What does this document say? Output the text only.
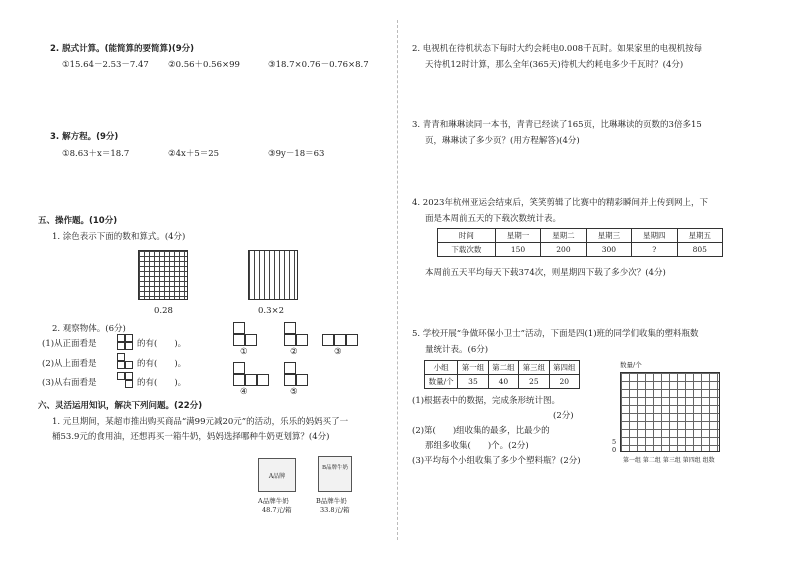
2. 脱式计算。(能简算的要简算)(9分)
①15.64－2.53－7.47 ②0.56＋0.56×99	③18.7×0.76－0.76×8.7
3. 解方程。(9分)
①8.63＋x＝18.7	②4x＋5＝25	③9y－18＝63
五、操作题。(10分)
1. 涂色表示下面的数和算式。(4分)
0.28	0.3×2
2. 观察物体。(6分)
(1)从正面看是	的有(　　)。
(2)从上面看是	的有(　　)。
(3)从右面看是	的有(　　)。
①	②	③
④	⑤
六、灵活运用知识，解决下列问题。(22分)
1. 元旦期间，某超市推出购买商品“满99元减20元”的活动，乐乐的妈妈买了一
桶53.9元的食用油，还想再买一箱牛奶，妈妈选择哪种牛奶更划算？(4分)
A品牌
A品牌牛奶
48.7元/箱
B品牌牛奶
B品牌牛奶
33.8元/箱
2. 电视机在待机状态下每时大约会耗电0.008千瓦时。如果家里的电视机按每
天待机12时计算，那么全年(365天)待机大约耗电多少千瓦时？(4分)
3. 青青和琳琳读同一本书，青青已经读了165页，比琳琳读的页数的3倍多15
页，琳琳读了多少页？(用方程解答)(4分)
4. 2023年杭州亚运会结束后，笑笑剪辑了比赛中的精彩瞬间并上传到网上，下
面是本周前五天的下载次数统计表。
时间	星期一	星期二	星期三	星期四	星期五
下载次数	150	200	300	?	805
本周前五天平均每天下载374次，则星期四下载了多少次？(4分)
5. 学校开展“争做环保小卫士”活动，下面是四(1)班的同学们收集的塑料瓶数
量统计表。(6分)
小组	第一组	第二组	第三组	第四组
数量/个	35	40	25	20
(1)根据表中的数据，完成条形统计图。
(2分)
(2)第(　　)组收集的最多，比最少的
那组多收集(　　)个。(2分)
(3)平均每个小组收集了多少个塑料瓶？(2分)
数量/个
5
0
第一组 第二组 第三组 第四组 组数
